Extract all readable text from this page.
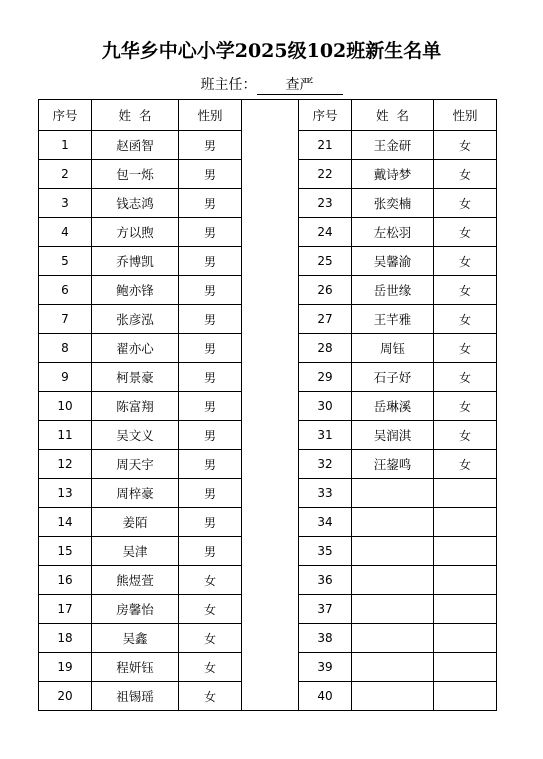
九华乡中心小学2025级102班新生名单
班主任： 查严
序号	姓  名	性别		序号	姓  名	性别
1	赵函智	男		21	王金研	女
2	包一烁	男		22	戴诗梦	女
3	钱志鸿	男		23	张奕楠	女
4	方以煦	男		24	左松羽	女
5	乔博凯	男		25	吴馨渝	女
6	鲍亦锋	男		26	岳世缘	女
7	张彦泓	男		27	王芊雅	女
8	翟亦心	男		28	周钰	女
9	柯景豪	男		29	石子妤	女
10	陈富翔	男		30	岳琳溪	女
11	吴文义	男		31	吴润淇	女
12	周天宇	男		32	汪鋆鸣	女
13	周梓豪	男		33		
14	姜陌	男		34		
15	吴津	男		35		
16	熊煜萱	女		36		
17	房馨怡	女		37		
18	吴鑫	女		38		
19	程妍钰	女		39		
20	祖锡瑶	女		40		
